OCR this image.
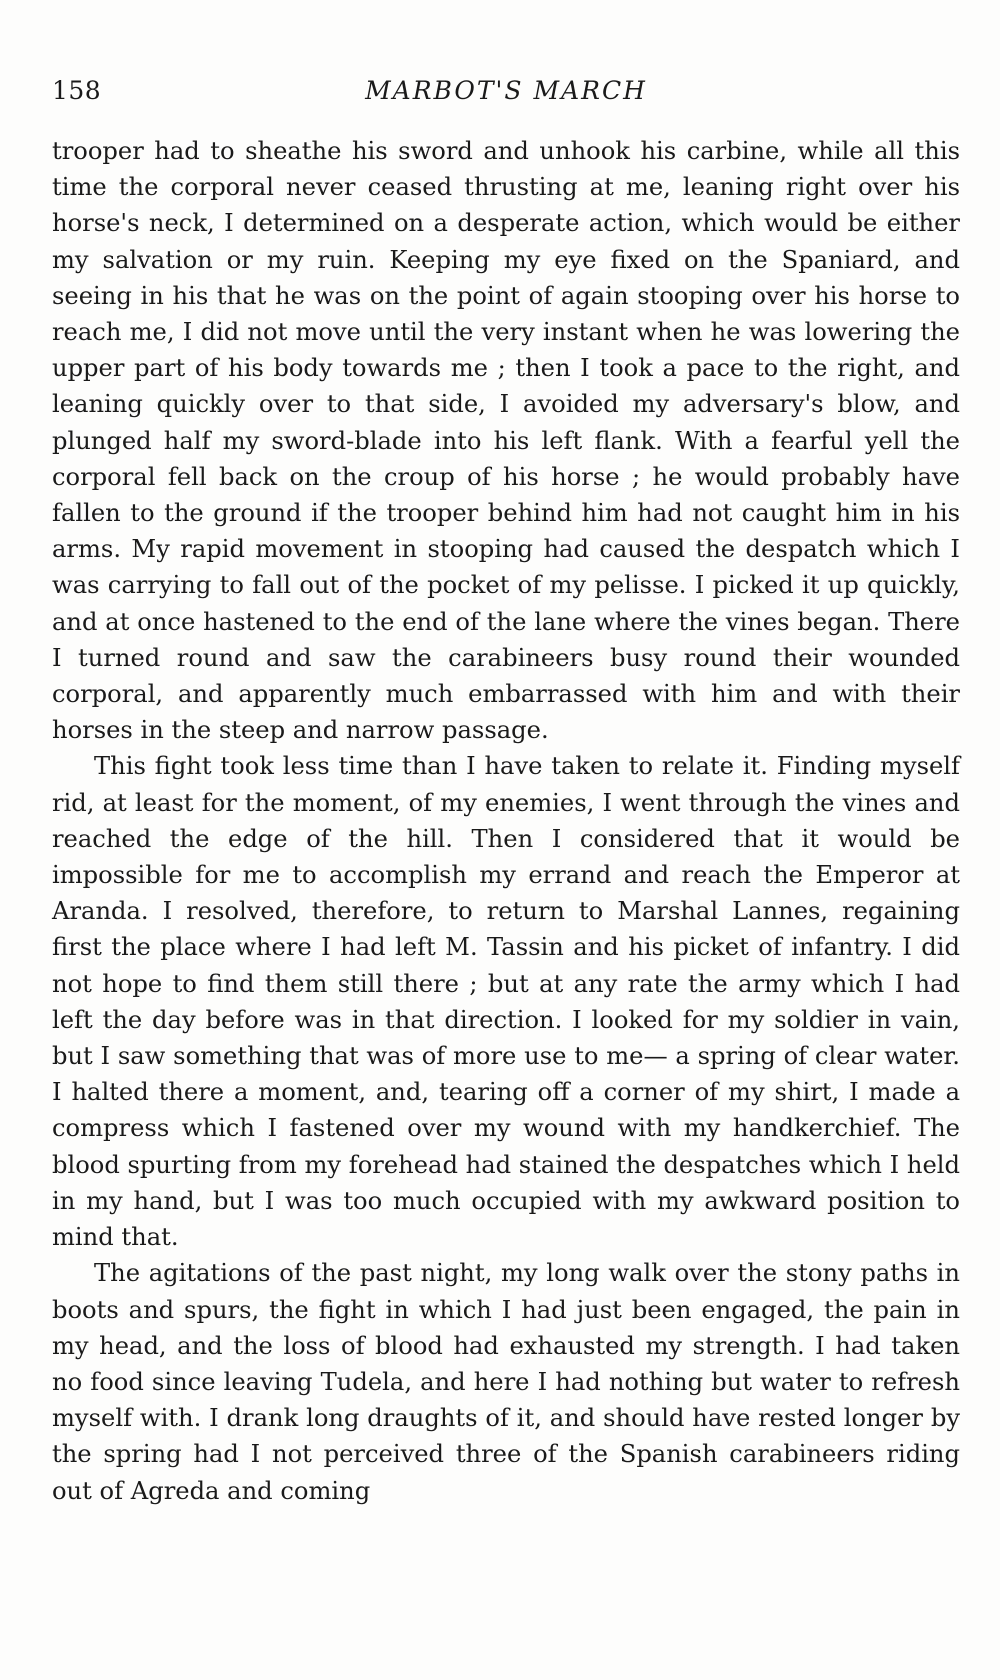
158	MARBOT'S MARCH

trooper had to sheathe his sword and unhook his carbine, while all this time the corporal never ceased thrusting at me, leaning right over his horse's neck, I determined on a desperate action, which would be either my salvation or my ruin. Keeping my eye fixed on the Spaniard, and seeing in his that he was on the point of again stooping over his horse to reach me, I did not move until the very instant when he was lowering the upper part of his body towards me ; then I took a pace to the right, and leaning quickly over to that side, I avoided my adversary's blow, and plunged half my sword-blade into his left flank. With a fearful yell the corporal fell back on the croup of his horse ; he would probably have fallen to the ground if the trooper behind him had not caught him in his arms. My rapid movement in stooping had caused the despatch which I was carrying to fall out of the pocket of my pelisse. I picked it up quickly, and at once hastened to the end of the lane where the vines began. There I turned round and saw the carabineers busy round their wounded corporal, and apparently much embarrassed with him and with their horses in the steep and narrow passage.

This fight took less time than I have taken to relate it. Finding myself rid, at least for the moment, of my enemies, I went through the vines and reached the edge of the hill. Then I considered that it would be impossible for me to accomplish my errand and reach the Emperor at Aranda. I resolved, therefore, to return to Marshal Lannes, regaining first the place where I had left M. Tassin and his picket of infantry. I did not hope to find them still there ; but at any rate the army which I had left the day before was in that direction. I looked for my soldier in vain, but I saw something that was of more use to me— a spring of clear water. I halted there a moment, and, tearing off a corner of my shirt, I made a compress which I fastened over my wound with my handkerchief. The blood spurting from my forehead had stained the despatches which I held in my hand, but I was too much occupied with my awkward position to mind that.

The agitations of the past night, my long walk over the stony paths in boots and spurs, the fight in which I had just been engaged, the pain in my head, and the loss of blood had exhausted my strength. I had taken no food since leaving Tudela, and here I had nothing but water to refresh myself with. I drank long draughts of it, and should have rested longer by the spring had I not perceived three of the Spanish carabineers riding out of Agreda and coming
